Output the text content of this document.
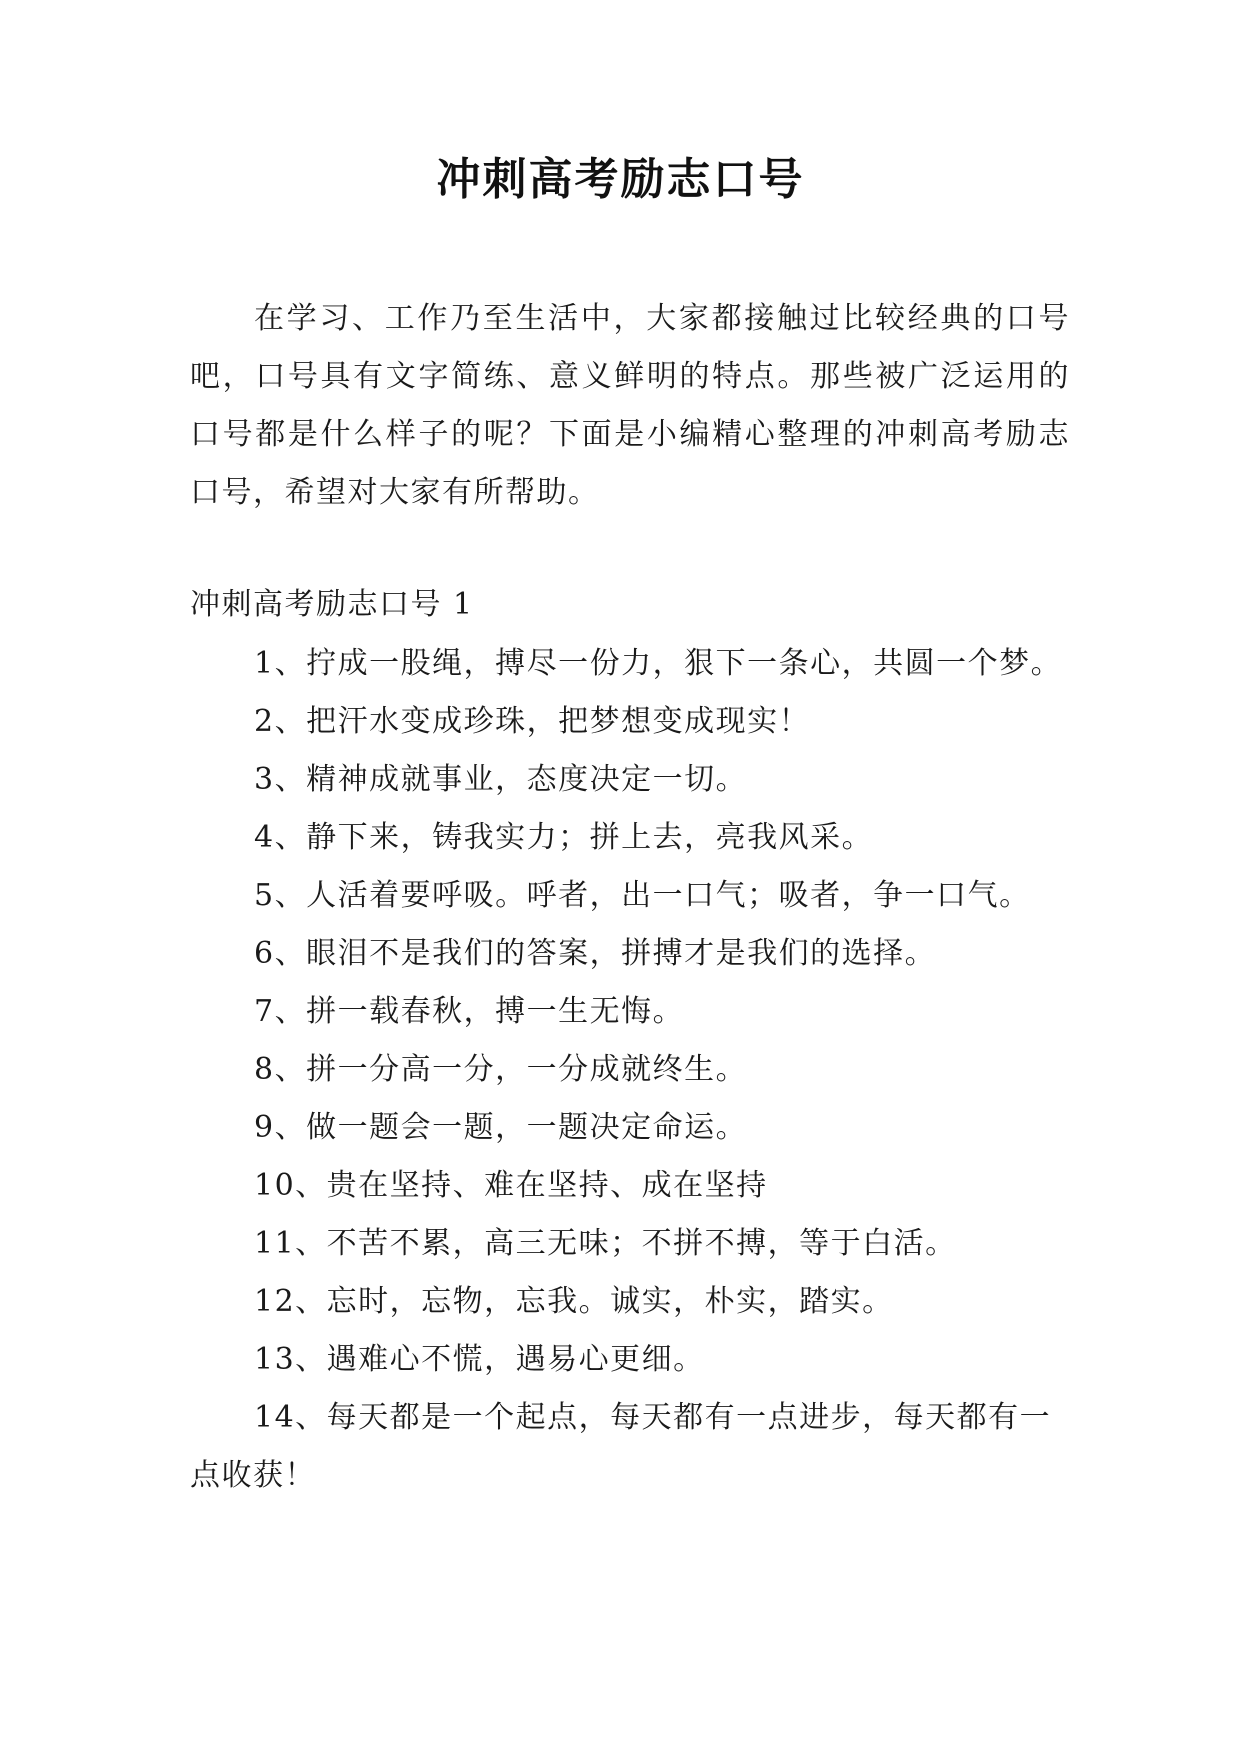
冲刺高考励志口号

在学习、工作乃至生活中，大家都接触过比较经典的口号吧，口号具有文字简练、意义鲜明的特点。那些被广泛运用的口号都是什么样子的呢？下面是小编精心整理的冲刺高考励志口号，希望对大家有所帮助。

冲刺高考励志口号 1
1、拧成一股绳，搏尽一份力，狠下一条心，共圆一个梦。
2、把汗水变成珍珠，把梦想变成现实！
3、精神成就事业，态度决定一切。
4、静下来，铸我实力；拼上去，亮我风采。
5、人活着要呼吸。呼者，出一口气；吸者，争一口气。
6、眼泪不是我们的答案，拼搏才是我们的选择。
7、拼一载春秋，搏一生无悔。
8、拼一分高一分，一分成就终生。
9、做一题会一题，一题决定命运。
10、贵在坚持、难在坚持、成在坚持
11、不苦不累，高三无味；不拼不搏，等于白活。
12、忘时，忘物，忘我。诚实，朴实，踏实。
13、遇难心不慌，遇易心更细。
14、每天都是一个起点，每天都有一点进步，每天都有一点收获！
